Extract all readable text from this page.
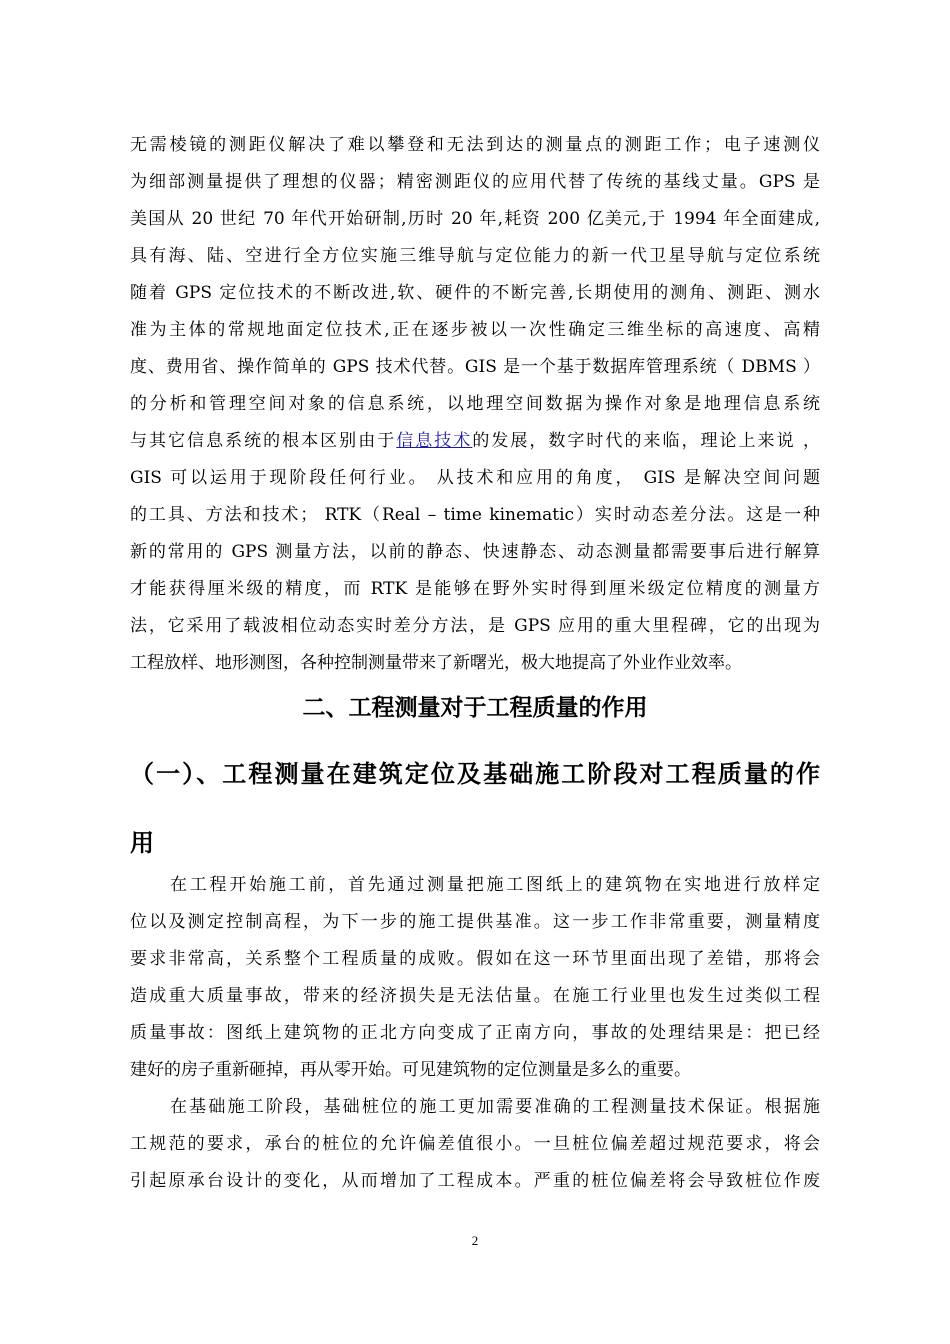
无需棱镜的测距仪解决了难以攀登和无法到达的测量点的测距工作；电子速测仪
为细部测量提供了理想的仪器；精密测距仪的应用代替了传统的基线丈量。GPS 是
美国从 20 世纪 70 年代开始研制,历时 20 年,耗资 200 亿美元,于 1994 年全面建成,
具有海、陆、空进行全方位实施三维导航与定位能力的新一代卫星导航与定位系统
随着 GPS 定位技术的不断改进,软、硬件的不断完善,长期使用的测角、测距、测水
准为主体的常规地面定位技术,正在逐步被以一次性确定三维坐标的高速度、高精
度、费用省、操作简单的 GPS 技术代替。GIS 是一个基于数据库管理系统（ DBMS ）
的分析和管理空间对象的信息系统，以地理空间数据为操作对象是地理信息系统
与其它信息系统的根本区别由于信息技术的发展，数字时代的来临，理论上来说 ，
GIS 可以运用于现阶段任何行业。 从技术和应用的角度， GIS 是解决空间问题
的工具、方法和技术； RTK（Real – time kinematic）实时动态差分法。这是一种
新的常用的 GPS 测量方法，以前的静态、快速静态、动态测量都需要事后进行解算
才能获得厘米级的精度，而 RTK 是能够在野外实时得到厘米级定位精度的测量方
法，它采用了载波相位动态实时差分方法，是 GPS 应用的重大里程碑，它的出现为
工程放样、地形测图，各种控制测量带来了新曙光，极大地提高了外业作业效率。
二、工程测量对于工程质量的作用
（一）、工程测量在建筑定位及基础施工阶段对工程质量的作
用
在工程开始施工前，首先通过测量把施工图纸上的建筑物在实地进行放样定
位以及测定控制高程，为下一步的施工提供基准。这一步工作非常重要，测量精度
要求非常高，关系整个工程质量的成败。假如在这一环节里面出现了差错，那将会
造成重大质量事故，带来的经济损失是无法估量。在施工行业里也发生过类似工程
质量事故：图纸上建筑物的正北方向变成了正南方向，事故的处理结果是：把已经
建好的房子重新砸掉，再从零开始。可见建筑物的定位测量是多么的重要。
在基础施工阶段，基础桩位的施工更加需要准确的工程测量技术保证。根据施
工规范的要求，承台的桩位的允许偏差值很小。一旦桩位偏差超过规范要求，将会
引起原承台设计的变化，从而增加了工程成本。严重的桩位偏差将会导致桩位作废
2
